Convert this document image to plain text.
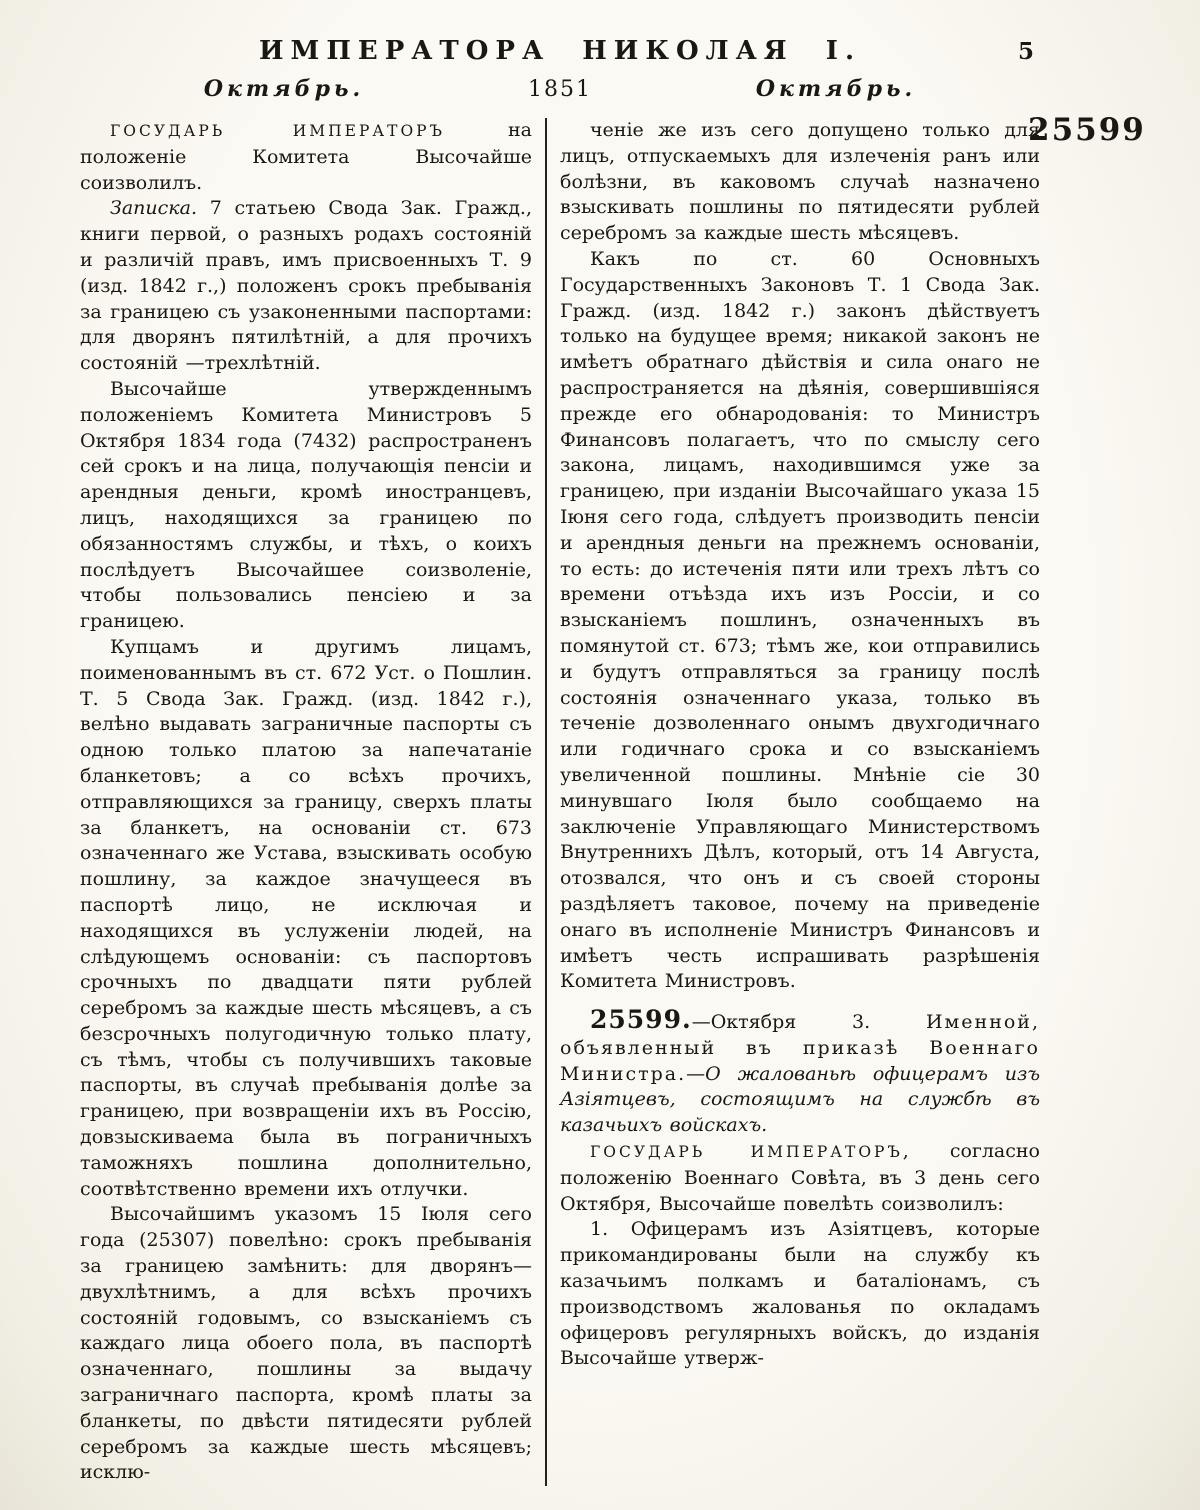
25599
ИМПЕРАТОРА НИКОЛАЯ I.	5
Октябрь.	1851	Октябрь.

ГОСУДАРЬ ИМПЕРАТОРЪ на положеніе Комитета Высочайше соизволилъ.

Записка. 7 статьею Свода Зак. Гражд., книги первой, о разныхъ родахъ состояній и различій правъ, имъ присвоенныхъ Т. 9 (изд. 1842 г.,) положенъ срокъ пребыванія за границею съ узаконенными паспортами: для дворянъ пятилѣтній, а для прочихъ состояній —трехлѣтній.

Высочайше утвержденнымъ положеніемъ Комитета Министровъ 5 Октября 1834 года (7432) распространенъ сей срокъ и на лица, получающія пенсіи и арендныя деньги, кромѣ иностранцевъ, лицъ, находящихся за границею по обязанностямъ службы, и тѣхъ, о коихъ послѣдуетъ Высочайшее соизволеніе, чтобы пользовались пенсіею и за границею.

Купцамъ и другимъ лицамъ, поименованнымъ въ ст. 672 Уст. о Пошлин. Т. 5 Свода Зак. Гражд. (изд. 1842 г.), велѣно выдавать заграничные паспорты съ одною только платою за напечатаніе бланкетовъ; а со всѣхъ прочихъ, отправляющихся за границу, сверхъ платы за бланкетъ, на основаніи ст. 673 означеннаго же Устава, взыскивать особую пошлину, за каждое значущееся въ паспортѣ лицо, не исключая и находящихся въ услуженіи людей, на слѣдующемъ основаніи: съ паспортовъ срочныхъ по двадцати пяти рублей серебромъ за каждые шесть мѣсяцевъ, а съ безсрочныхъ полугодичную только плату, съ тѣмъ, чтобы съ получившихъ таковые паспорты, въ случаѣ пребыванія долѣе за границею, при возвращеніи ихъ въ Россію, довзыскиваема была въ пограничныхъ таможняхъ пошлина дополнительно, соотвѣтственно времени ихъ отлучки.

Высочайшимъ указомъ 15 Іюля сего года (25307) повелѣно: срокъ пребыванія за границею замѣнить: для дворянъ—двухлѣтнимъ, а для всѣхъ прочихъ состояній годовымъ, со взысканіемъ съ каждаго лица обоего пола, въ паспортѣ означеннаго, пошлины за выдачу заграничнаго паспорта, кромѣ платы за бланкеты, по двѣсти пятидесяти рублей серебромъ за каждые шесть мѣсяцевъ; исклю-

ченіе же изъ сего допущено только для лицъ, отпускаемыхъ для излеченія ранъ или болѣзни, въ каковомъ случаѣ назначено взыскивать пошлины по пятидесяти рублей серебромъ за каждые шесть мѣсяцевъ.

Какъ по ст. 60 Основныхъ Государственныхъ Законовъ Т. 1 Свода Зак. Гражд. (изд. 1842 г.) законъ дѣйствуетъ только на будущее время; никакой законъ не имѣетъ обратнаго дѣйствія и сила онаго не распространяется на дѣянія, совершившіяся прежде его обнародованія: то Министръ Финансовъ полагаетъ, что по смыслу сего закона, лицамъ, находившимся уже за границею, при изданіи Высочайшаго указа 15 Іюня сего года, слѣдуетъ производить пенсіи и арендныя деньги на прежнемъ основаніи, то есть: до истеченія пяти или трехъ лѣтъ со времени отъѣзда ихъ изъ Россіи, и со взысканіемъ пошлинъ, означенныхъ въ помянутой ст. 673; тѣмъ же, кои отправились и будутъ отправляться за границу послѣ состоянія означеннаго указа, только въ теченіе дозволеннаго онымъ двухгодичнаго или годичнаго срока и со взысканіемъ увеличенной пошлины. Мнѣніе сіе 30 минувшаго Іюля было сообщаемо на заключеніе Управляющаго Министерствомъ Внутреннихъ Дѣлъ, который, отъ 14 Августа, отозвался, что онъ и съ своей стороны раздѣляетъ таковое, почему на приведеніе онаго въ исполненіе Министръ Финансовъ и имѣетъ честь испрашивать разрѣшенія Комитета Министровъ.

25599.—Октября 3. Именной, объявленный въ приказѣ Военнаго Министра.—О жалованьѣ офицерамъ изъ Азіятцевъ, состоящимъ на службѣ въ казачьихъ войскахъ.

ГОСУДАРЬ ИМПЕРАТОРЪ, согласно положенію Военнаго Совѣта, въ 3 день сего Октября, Высочайше повелѣть соизволилъ:

1. Офицерамъ изъ Азіятцевъ, которые прикомандированы были на службу къ казачьимъ полкамъ и баталіонамъ, съ производствомъ жалованья по окладамъ офицеровъ регулярныхъ войскъ, до изданія Высочайше утверж-
